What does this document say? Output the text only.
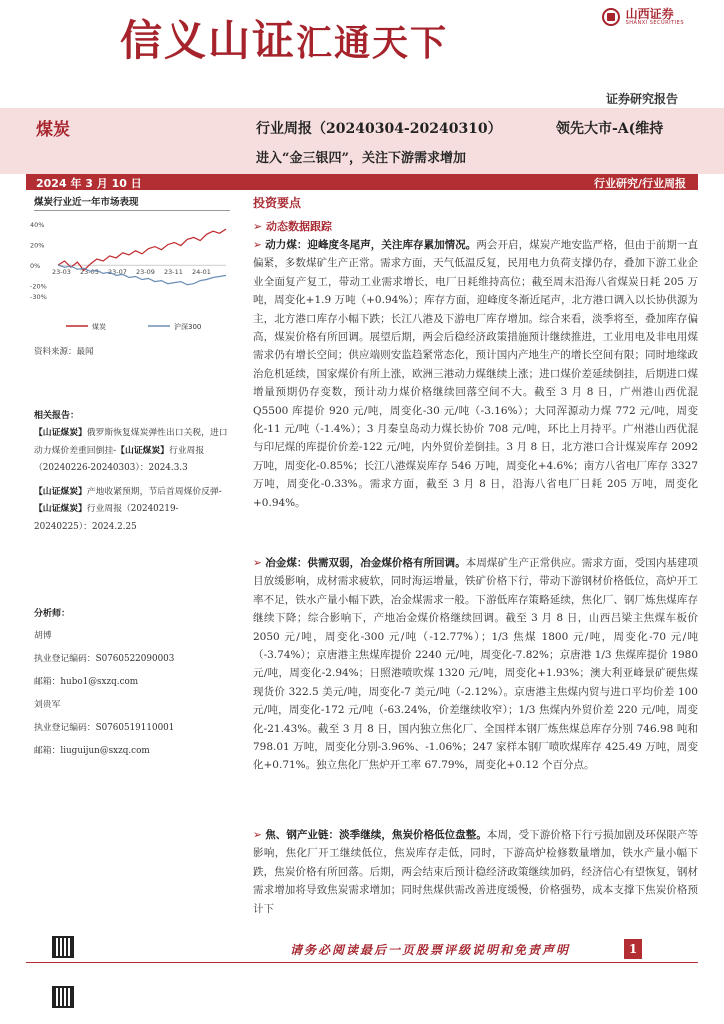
信义山证汇通天下
山西证券
SHANXI SECURITIES
证券研究报告
煤炭	行业周报（20240304-20240310）	领先大市-A(维持
进入“金三银四”，关注下游需求增加
2024 年 3 月 10 日	行业研究/行业周报
煤炭行业近一年市场表现
40%
20%
0%
-20%
-30%
23-03 23-05 23-07 23-09 23-11 24-01
煤炭	沪深300
资料来源：最闻
相关报告：
【山证煤炭】俄罗斯恢复煤炭弹性出口关税，进口动力煤价差重回倒挂-【山证煤炭】行业周报（20240226-20240303）：2024.3.3
【山证煤炭】产地收紧预期，节后首周煤价反弹-【山证煤炭】行业周报（20240219-20240225）：2024.2.25
分析师：
胡博
执业登记编码：S0760522090003
邮箱：hubo1@sxzq.com
刘贵军
执业登记编码：S0760519110001
邮箱：liuguijun@sxzq.com
投资要点
➢ 动态数据跟踪
➢ 动力煤：迎峰度冬尾声，关注库存累加情况。两会开启，煤炭产地安监严格，但由于前期一直偏紧，多数煤矿生产正常。需求方面，天气低温反复，民用电力负荷支撑仍存，叠加下游工业企业全面复产复工，带动工业需求增长，电厂日耗维持高位；截至周末沿海八省煤炭日耗 205 万吨，周变化+1.9 万吨（+0.94%）；库存方面，迎峰度冬渐近尾声，北方港口调入以长协供源为主，北方港口库存小幅下跌；长江八港及下游电厂库存增加。综合来看，淡季将至，叠加库存偏高，煤炭价格有所回调。展望后期，两会后稳经济政策措施预计继续推进，工业用电及非电用煤需求仍有增长空间；供应端则安监趋紧常态化，预计国内产地生产的增长空间有限；同时地缘政治危机延续，国家煤价有所上涨，欧洲三港动力煤继续上涨；进口煤价差延续倒挂，后期进口煤增量预期仍存变数，预计动力煤价格继续回落空间不大。截至 3 月 8 日，广州港山西优混 Q5500 库提价 920 元/吨，周变化-30 元/吨（-3.16%）；大同浑源动力煤 772 元/吨，周变化-11 元/吨（-1.4%）；3 月秦皇岛动力煤长协价 708 元/吨，环比上月持平。广州港山西优混与印尼煤的库提价价差-122 元/吨，内外贸价差倒挂。3 月 8 日，北方港口合计煤炭库存 2092 万吨，周变化-0.85%；长江八港煤炭库存 546 万吨，周变化+4.6%；南方八省电厂库存 3327 万吨，周变化-0.33%。需求方面，截至 3 月 8 日，沿海八省电厂日耗 205 万吨，周变化+0.94%。
➢ 冶金煤：供需双弱，冶金煤价格有所回调。本周煤矿生产正常供应。需求方面，受国内基建项目放缓影响，成材需求疲软，同时海运增量，铁矿价格下行，带动下游钢材价格低位，高炉开工率不足，铁水产量小幅下跌，冶金煤需求一般。下游低库存策略延续，焦化厂、钢厂炼焦煤库存继续下降；综合影响下，产地冶金煤价格继续回调。截至 3 月 8 日，山西吕梁主焦煤车板价 2050 元/吨，周变化-300 元/吨（-12.77%）；1/3 焦煤 1800 元/吨，周变化-70 元/吨（-3.74%）；京唐港主焦煤库提价 2240 元/吨，周变化-7.82%；京唐港 1/3 焦煤库提价 1980 元/吨，周变化-2.94%；日照港喷吹煤 1320 元/吨，周变化+1.93%；澳大利亚峰景矿硬焦煤现货价 322.5 美元/吨，周变化-7 美元/吨（-2.12%）。京唐港主焦煤内贸与进口平均价差 100 元/吨，周变化-172 元/吨（-63.24%，价差继续收窄）；1/3 焦煤内外贸价差 220 元/吨，周变化-21.43%。截至 3 月 8 日，国内独立焦化厂、全国样本钢厂炼焦煤总库存分别 746.98 吨和 798.01 万吨，周变化分别-3.96%、-1.06%；247 家样本钢厂喷吹煤库存 425.49 万吨，周变化+0.71%。独立焦化厂焦炉开工率 67.79%，周变化+0.12 个百分点。
➢ 焦、钢产业链：淡季继续，焦炭价格低位盘整。本周，受下游价格下行亏损加剧及环保限产等影响，焦化厂开工继续低位，焦炭库存走低，同时，下游高炉检修数量增加，铁水产量小幅下跌，焦炭价格有所回落。后期，两会结束后预计稳经济政策继续加码，经济信心有望恢复，钢材需求增加将导致焦炭需求增加；同时焦煤供需改善进度缓慢，价格强势，成本支撑下焦炭价格预计下
请务必阅读最后一页股票评级说明和免责声明	1
